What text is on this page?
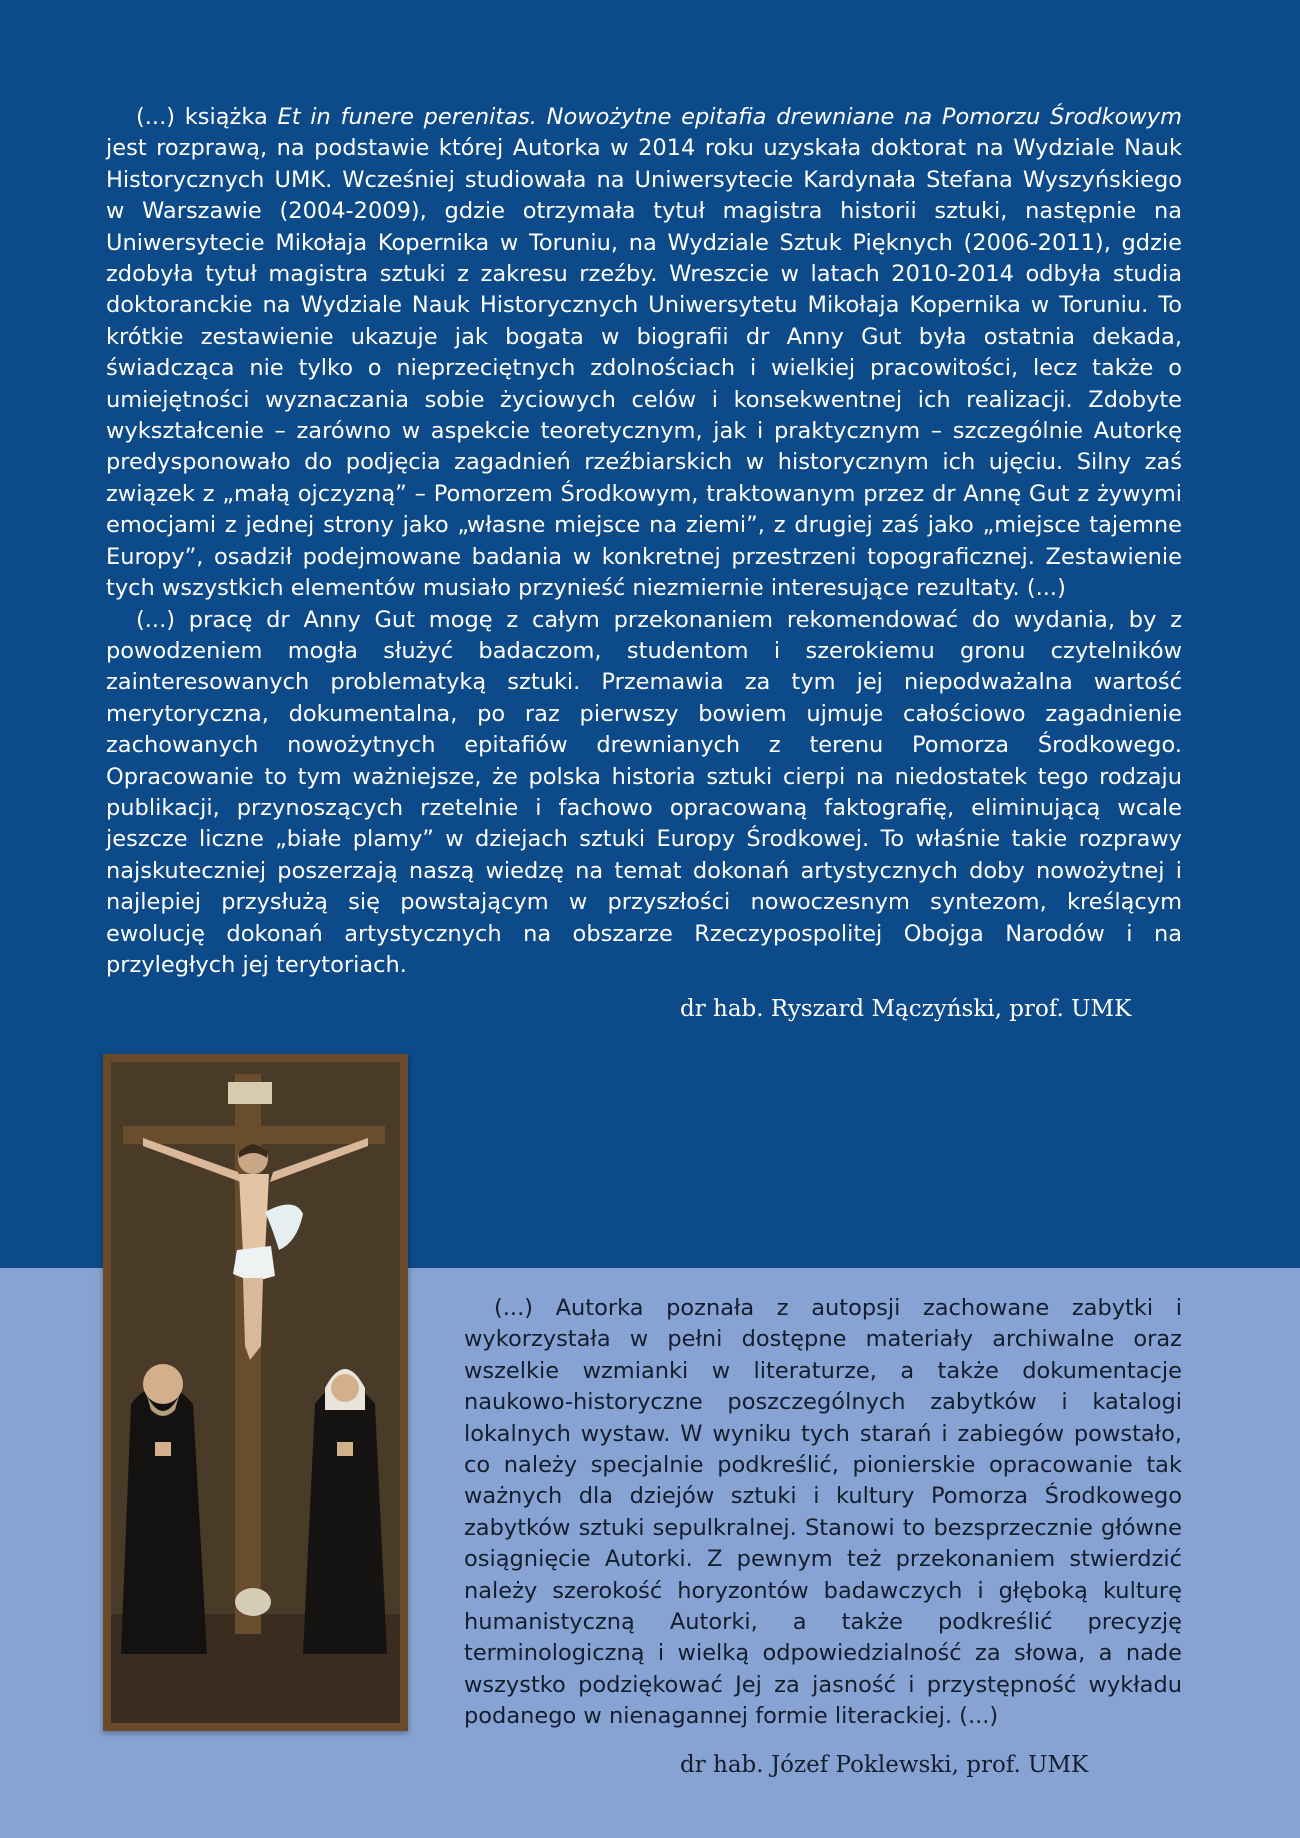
(...) książka Et in funere perenitas. Nowożytne epitafia drewniane na Pomorzu Środkowym jest rozprawą, na podstawie której Autorka w 2014 roku uzyskała doktorat na Wydziale Nauk Historycznych UMK. Wcześniej studiowała na Uniwersytecie Kardynała Stefana Wyszyńskiego w Warszawie (2004-2009), gdzie otrzymała tytuł magistra historii sztuki, następnie na Uniwersytecie Mikołaja Kopernika w Toruniu, na Wydziale Sztuk Pięknych (2006-2011), gdzie zdobyła tytuł magistra sztuki z zakresu rzeźby. Wreszcie w latach 2010-2014 odbyła studia doktoranckie na Wydziale Nauk Historycznych Uniwersytetu Mikołaja Kopernika w Toruniu. To krótkie zestawienie ukazuje jak bogata w biografii dr Anny Gut była ostatnia dekada, świadcząca nie tylko o nieprzeciętnych zdolnościach i wielkiej pracowitości, lecz także o umiejętności wyznaczania sobie życiowych celów i konsekwentnej ich realizacji. Zdobyte wykształcenie – zarówno w aspekcie teoretycznym, jak i praktycznym – szczególnie Autorkę predysponowało do podjęcia zagadnień rzeźbiarskich w historycznym ich ujęciu. Silny zaś związek z „małą ojczyzną” – Pomorzem Środkowym, traktowanym przez dr Annę Gut z żywymi emocjami z jednej strony jako „własne miejsce na ziemi”, z drugiej zaś jako „miejsce tajemne Europy”, osadził podejmowane badania w konkretnej przestrzeni topograficznej. Zestawienie tych wszystkich elementów musiało przynieść niezmiernie interesujące rezultaty. (...)

(...) pracę dr Anny Gut mogę z całym przekonaniem rekomendować do wydania, by z powodzeniem mogła służyć badaczom, studentom i szerokiemu gronu czytelników zainteresowanych problematyką sztuki. Przemawia za tym jej niepodważalna wartość merytoryczna, dokumentalna, po raz pierwszy bowiem ujmuje całościowo zagadnienie zachowanych nowożytnych epitafiów drewnianych z terenu Pomorza Środkowego. Opracowanie to tym ważniejsze, że polska historia sztuki cierpi na niedostatek tego rodzaju publikacji, przynoszących rzetelnie i fachowo opracowaną faktografię, eliminującą wcale jeszcze liczne „białe plamy” w dziejach sztuki Europy Środkowej. To właśnie takie rozprawy najskuteczniej poszerzają naszą wiedzę na temat dokonań artystycznych doby nowożytnej i najlepiej przysłużą się powstającym w przyszłości nowoczesnym syntezom, kreślącym ewolucję dokonań artystycznych na obszarze Rzeczypospolitej Obojga Narodów i na przyległych jej terytoriach.

dr hab. Ryszard Mączyński, prof. UMK

(...) Autorka poznała z autopsji zachowane zabytki i wykorzystała w pełni dostępne materiały archiwalne oraz wszelkie wzmianki w literaturze, a także dokumentacje naukowo-historyczne poszczególnych zabytków i katalogi lokalnych wystaw. W wyniku tych starań i zabiegów powstało, co należy specjalnie podkreślić, pionierskie opracowanie tak ważnych dla dziejów sztuki i kultury Pomorza Środkowego zabytków sztuki sepulkralnej. Stanowi to bezsprzecznie główne osiągnięcie Autorki. Z pewnym też przekonaniem stwierdzić należy szerokość horyzontów badawczych i głęboką kulturę humanistyczną Autorki, a także podkreślić precyzję terminologiczną i wielką odpowiedzialność za słowa, a nade wszystko podziękować Jej za jasność i przystępność wykładu podanego w nienagannej formie literackiej. (...)

dr hab. Józef Poklewski, prof. UMK
